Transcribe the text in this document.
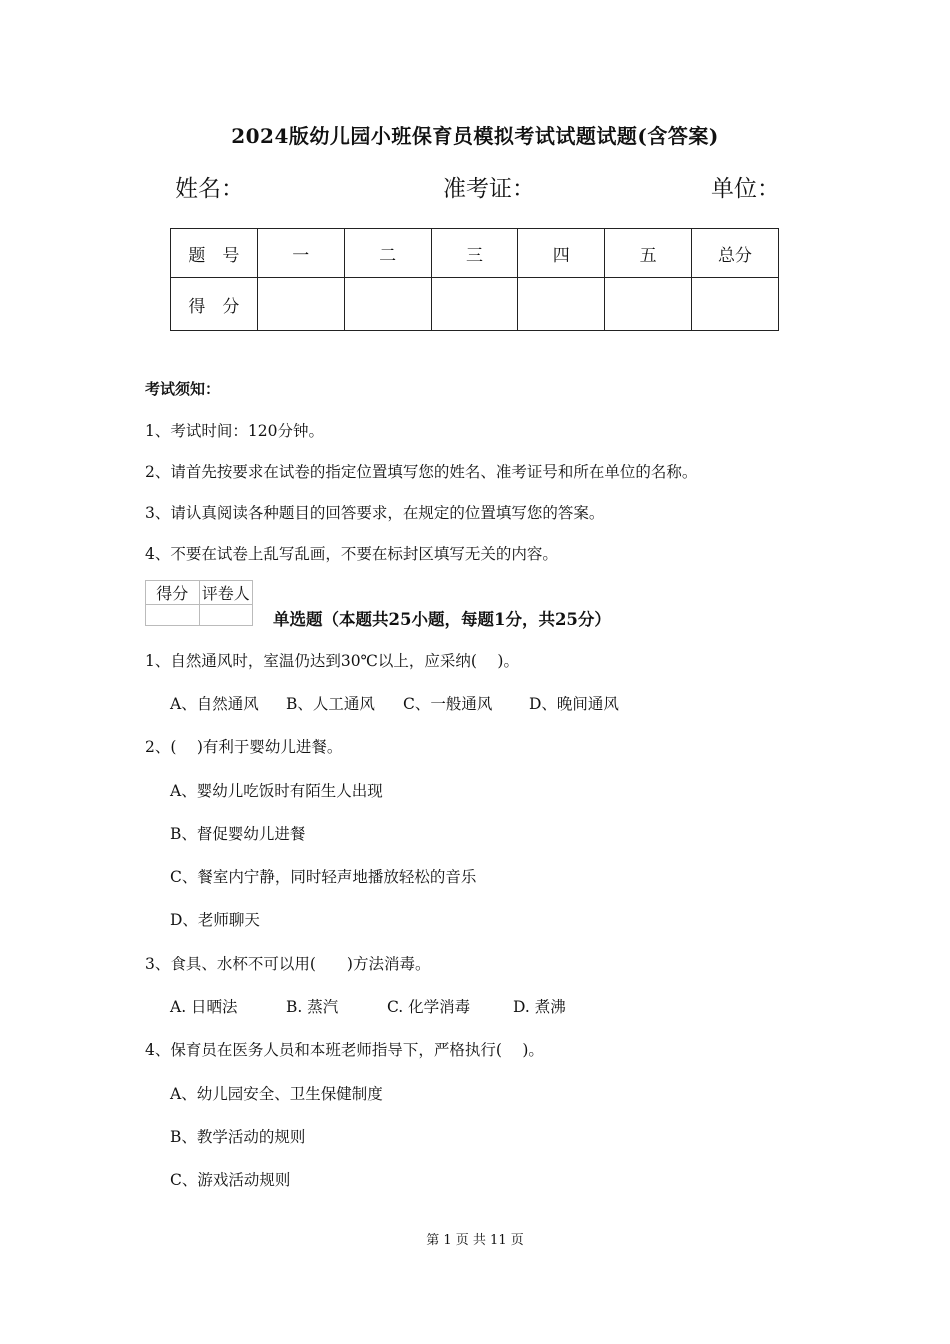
2024版幼儿园小班保育员模拟考试试题试题(含答案)
姓名：	准考证：	单位：
题　号	一	二	三	四	五	总分
得　分						
考试须知：
1、考试时间：120分钟。
2、请首先按要求在试卷的指定位置填写您的姓名、准考证号和所在单位的名称。
3、请认真阅读各种题目的回答要求，在规定的位置填写您的答案。
4、不要在试卷上乱写乱画，不要在标封区填写无关的内容。
得分	评卷人

单选题（本题共25小题，每题1分，共25分）
1、自然通风时，室温仍达到30℃以上，应采纳(　 )。
A、自然通风 B、人工通风 C、一般通风 D、晚间通风
2、(　 )有利于婴幼儿进餐。
A、婴幼儿吃饭时有陌生人出现
B、督促婴幼儿进餐
C、餐室内宁静，同时轻声地播放轻松的音乐
D、老师聊天
3、食具、水杯不可以用(　　)方法消毒。
A. 日晒法	B. 蒸汽	C. 化学消毒	D. 煮沸
4、保育员在医务人员和本班老师指导下，严格执行(　 )。
A、幼儿园安全、卫生保健制度
B、教学活动的规则
C、游戏活动规则
第 1 页 共 11 页
